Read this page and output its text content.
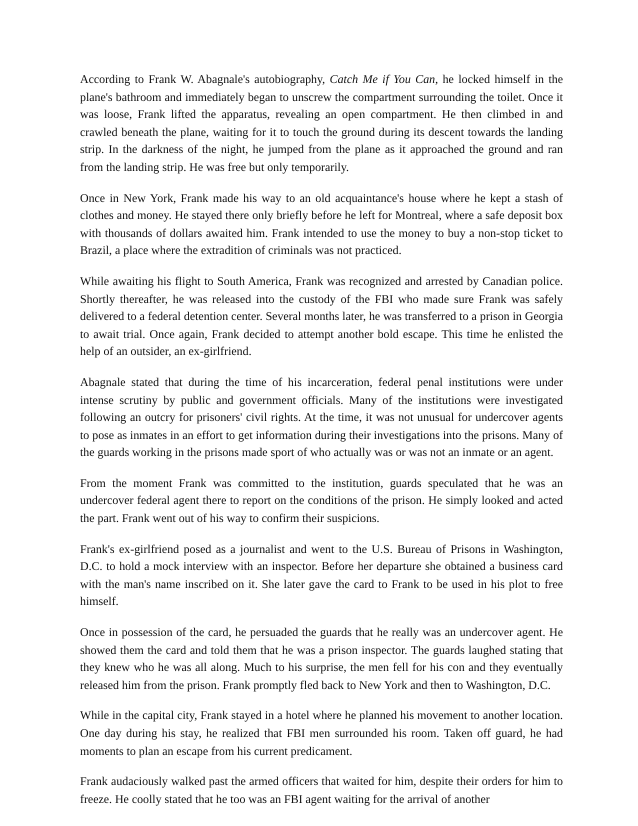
According to Frank W. Abagnale's autobiography, Catch Me if You Can, he locked himself in the plane's bathroom and immediately began to unscrew the compartment surrounding the toilet. Once it was loose, Frank lifted the apparatus, revealing an open compartment. He then climbed in and crawled beneath the plane, waiting for it to touch the ground during its descent towards the landing strip. In the darkness of the night, he jumped from the plane as it approached the ground and ran from the landing strip. He was free but only temporarily.

Once in New York, Frank made his way to an old acquaintance's house where he kept a stash of clothes and money. He stayed there only briefly before he left for Montreal, where a safe deposit box with thousands of dollars awaited him. Frank intended to use the money to buy a non-stop ticket to Brazil, a place where the extradition of criminals was not practiced.

While awaiting his flight to South America, Frank was recognized and arrested by Canadian police. Shortly thereafter, he was released into the custody of the FBI who made sure Frank was safely delivered to a federal detention center. Several months later, he was transferred to a prison in Georgia to await trial. Once again, Frank decided to attempt another bold escape. This time he enlisted the help of an outsider, an ex-girlfriend.

Abagnale stated that during the time of his incarceration, federal penal institutions were under intense scrutiny by public and government officials. Many of the institutions were investigated following an outcry for prisoners' civil rights. At the time, it was not unusual for undercover agents to pose as inmates in an effort to get information during their investigations into the prisons. Many of the guards working in the prisons made sport of who actually was or was not an inmate or an agent.

From the moment Frank was committed to the institution, guards speculated that he was an undercover federal agent there to report on the conditions of the prison. He simply looked and acted the part. Frank went out of his way to confirm their suspicions.

Frank's ex-girlfriend posed as a journalist and went to the U.S. Bureau of Prisons in Washington, D.C. to hold a mock interview with an inspector. Before her departure she obtained a business card with the man's name inscribed on it. She later gave the card to Frank to be used in his plot to free himself.

Once in possession of the card, he persuaded the guards that he really was an undercover agent. He showed them the card and told them that he was a prison inspector. The guards laughed stating that they knew who he was all along. Much to his surprise, the men fell for his con and they eventually released him from the prison. Frank promptly fled back to New York and then to Washington, D.C.

While in the capital city, Frank stayed in a hotel where he planned his movement to another location. One day during his stay, he realized that FBI men surrounded his room. Taken off guard, he had moments to plan an escape from his current predicament.

Frank audaciously walked past the armed officers that waited for him, despite their orders for him to freeze. He coolly stated that he too was an FBI agent waiting for the arrival of another
